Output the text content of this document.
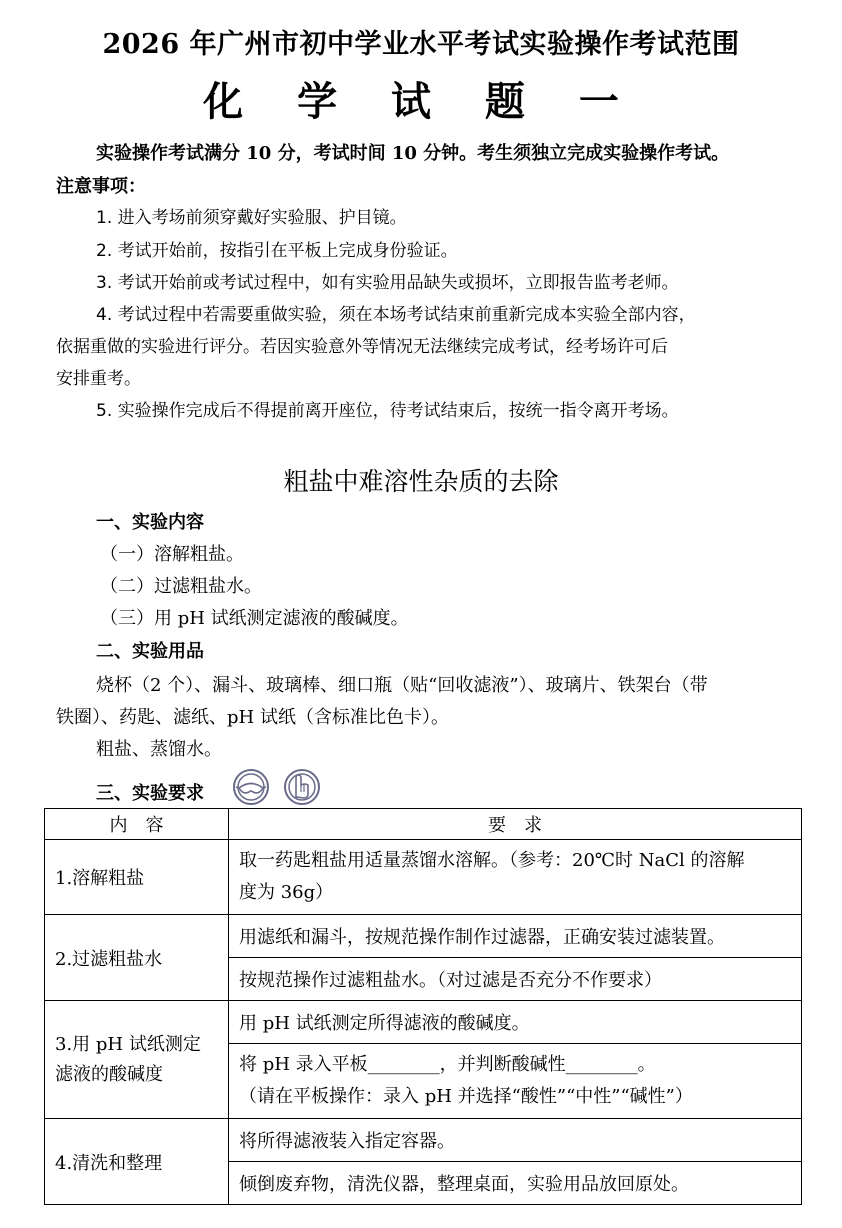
2026 年广州市初中学业水平考试实验操作考试范围
化 学 试 题 一
实验操作考试满分 10 分，考试时间 10 分钟。考生须独立完成实验操作考试。
注意事项：
1. 进入考场前须穿戴好实验服、护目镜。
2. 考试开始前，按指引在平板上完成身份验证。
3. 考试开始前或考试过程中，如有实验用品缺失或损坏，立即报告监考老师。
4. 考试过程中若需要重做实验，须在本场考试结束前重新完成本实验全部内容，
依据重做的实验进行评分。若因实验意外等情况无法继续完成考试，经考场许可后
安排重考。
5. 实验操作完成后不得提前离开座位，待考试结束后，按统一指令离开考场。
粗盐中难溶性杂质的去除
一、实验内容
（一）溶解粗盐。
（二）过滤粗盐水。
（三）用 pH 试纸测定滤液的酸碱度。
二、实验用品
烧杯（2 个）、漏斗、玻璃棒、细口瓶（贴“回收滤液”）、玻璃片、铁架台（带
铁圈）、药匙、滤纸、pH 试纸（含标准比色卡）。
粗盐、蒸馏水。
三、实验要求
内　容	要　求
1.溶解粗盐	取一药匙粗盐用适量蒸馏水溶解。（参考：20℃时 NaCl 的溶解
度为 36g）

2.过滤粗盐水	用滤纸和漏斗，按规范操作制作过滤器，正确安装过滤装置。
	按规范操作过滤粗盐水。（对过滤是否充分不作要求）

3.用 pH 试纸测定
滤液的酸碱度	用 pH 试纸测定所得滤液的酸碱度。

	将 pH 录入平板________，并判断酸碱性________。
（请在平板操作：录入 pH 并选择“酸性”“中性”“碱性”）

4.清洗和整理	将所得滤液装入指定容器。
	倾倒废弃物，清洗仪器，整理桌面，实验用品放回原处。
